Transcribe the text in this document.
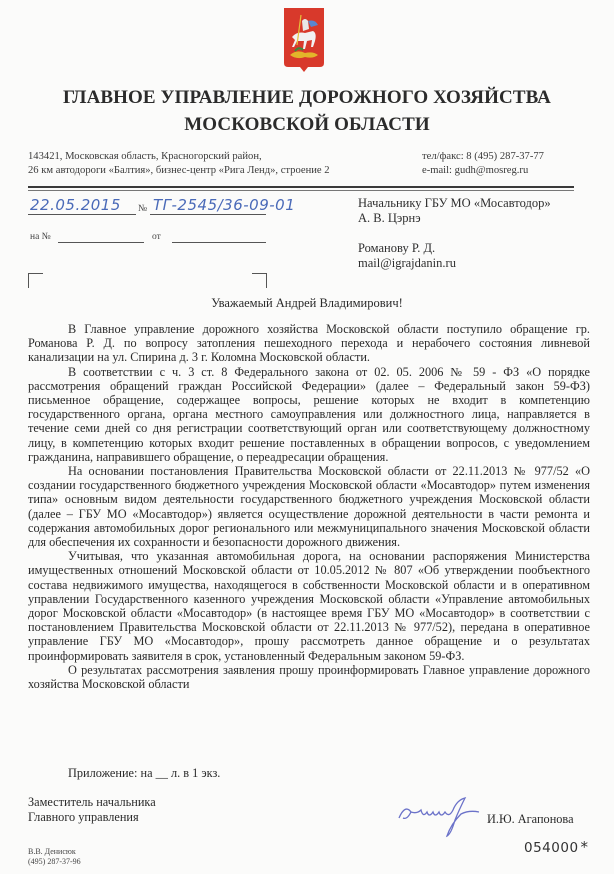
ГЛАВНОЕ УПРАВЛЕНИЕ ДОРОЖНОГО ХОЗЯЙСТВА
МОСКОВСКОЙ ОБЛАСТИ
143421, Московская область, Красногорский район,
26 км автодороги «Балтия», бизнес-центр «Рига Ленд», строение 2
тел/факс: 8 (495) 287-37-77
e-mail: gudh@mosreg.ru
22.05.2015 № ТГ-2545/36-09-01
на №	от
Начальнику ГБУ МО «Мосавтодор»
А. В. Цэрнэ
Романову Р. Д.
mail@igrajdanin.ru
Уважаемый Андрей Владимирович!

В Главное управление дорожного хозяйства Московской области поступило обращение гр. Романова Р. Д. по вопросу затопления пешеходного перехода и нерабочего состояния ливневой канализации на ул. Спирина д. 3 г. Коломна Московской области.

В соответствии с ч. 3 ст. 8 Федерального закона от 02. 05. 2006 № 59 - ФЗ «О порядке рассмотрения обращений граждан Российской Федерации» (далее – Федеральный закон 59-ФЗ) письменное обращение, содержащее вопросы, решение которых не входит в компетенцию государственного органа, органа местного самоуправления или должностного лица, направляется в течение семи дней со дня регистрации соответствующий орган или соответствующему должностному лицу, в компетенцию которых входит решение поставленных в обращении вопросов, с уведомлением гражданина, направившего обращение, о переадресации обращения.

На основании постановления Правительства Московской области от 22.11.2013 № 977/52 «О создании государственного бюджетного учреждения Московской области «Мосавтодор» путем изменения типа» основным видом деятельности государственного бюджетного учреждения Московской области (далее – ГБУ МО «Мосавтодор») является осуществление дорожной деятельности в части ремонта и содержания автомобильных дорог регионального или межмуниципального значения Московской области для обеспечения их сохранности и безопасности дорожного движения.

Учитывая, что указанная автомобильная дорога, на основании распоряжения Министерства имущественных отношений Московской области от 10.05.2012 № 807 «Об утверждении пообъектного состава недвижимого имущества, находящегося в собственности Московской области и в оперативном управлении Государственного казенного учреждения Московской области «Управление автомобильных дорог Московской области «Мосавтодор» (в настоящее время ГБУ МО «Мосавтодор» в соответствии с постановлением Правительства Московской области от 22.11.2013 № 977/52), передана в оперативное управление ГБУ МО «Мосавтодор», прошу рассмотреть данное обращение и о результатах проинформировать заявителя в срок, установленный Федеральным законом 59-ФЗ.

О результатах рассмотрения заявления прошу проинформировать Главное управление дорожного хозяйства Московской области

Приложение: на __ л. в 1 экз.
Заместитель начальника
Главного управления	И.Ю. Агапонова
054000 *
В.В. Денисюк
(495) 287-37-96
